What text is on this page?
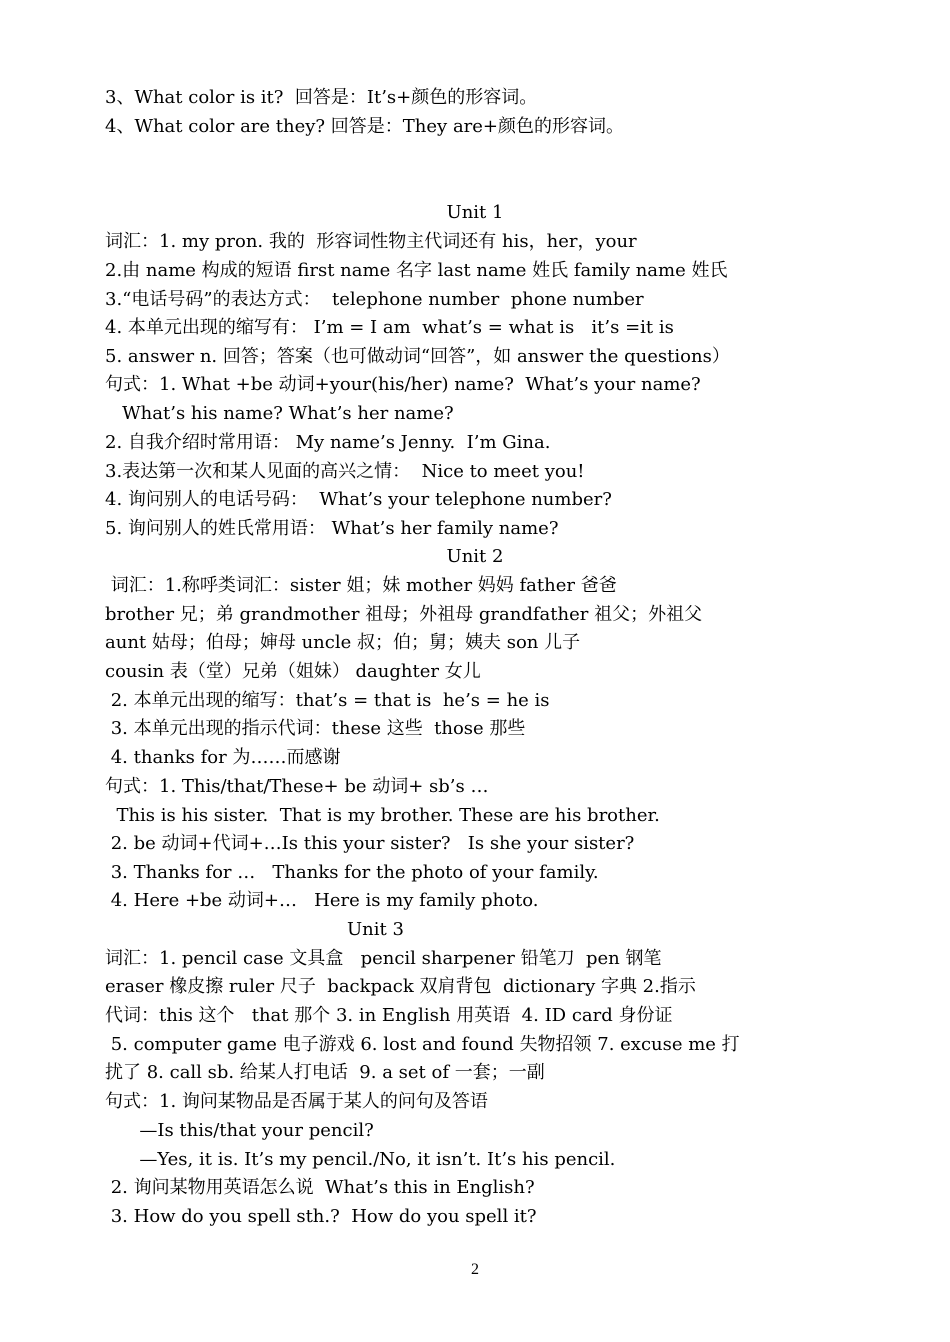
3、What color is it?  回答是：It’s+颜色的形容词。
4、What color are they? 回答是：They are+颜色的形容词。
Unit 1
词汇：1. my pron. 我的  形容词性物主代词还有 his，her，your
2.由 name 构成的短语 first name 名字 last name 姓氏 family name 姓氏
3.“电话号码”的表达方式：  telephone number  phone number
4. 本单元出现的缩写有： I’m = I am  what’s = what is   it’s =it is
5. answer n. 回答；答案（也可做动词“回答”，如 answer the questions）
句式：1. What +be 动词+your(his/her) name?  What’s your name?
What’s his name? What’s her name?
2. 自我介绍时常用语： My name’s Jenny.  I’m Gina.
3.表达第一次和某人见面的高兴之情：  Nice to meet you!
4. 询问别人的电话号码：  What’s your telephone number?
5. 询问别人的姓氏常用语： What’s her family name?
Unit 2
词汇：1.称呼类词汇：sister 姐；妹 mother 妈妈 father 爸爸
brother 兄；弟 grandmother 祖母；外祖母 grandfather 祖父；外祖父
aunt 姑母；伯母；婶母 uncle 叔；伯；舅；姨夫 son 儿子
cousin 表（堂）兄弟（姐妹） daughter 女儿
2. 本单元出现的缩写：that’s = that is  he’s = he is
3. 本单元出现的指示代词：these 这些  those 那些
4. thanks for 为……而感谢
句式：1. This/that/These+ be 动词+ sb’s …
This is his sister.  That is my brother. These are his brother.
2. be 动词+代词+…Is this your sister?   Is she your sister?
3. Thanks for …   Thanks for the photo of your family.
4. Here +be 动词+…   Here is my family photo.
Unit 3
词汇：1. pencil case 文具盒   pencil sharpener 铅笔刀  pen 钢笔
eraser 橡皮擦 ruler 尺子  backpack 双肩背包  dictionary 字典 2.指示
代词：this 这个   that 那个 3. in English 用英语  4. ID card 身份证
5. computer game 电子游戏 6. lost and found 失物招领 7. excuse me 打
扰了 8. call sb. 给某人打电话  9. a set of 一套；一副
句式：1. 询问某物品是否属于某人的问句及答语
—Is this/that your pencil?
—Yes, it is. It’s my pencil./No, it isn’t. It’s his pencil.
2. 询问某物用英语怎么说  What’s this in English?
3. How do you spell sth.?  How do you spell it?
2
